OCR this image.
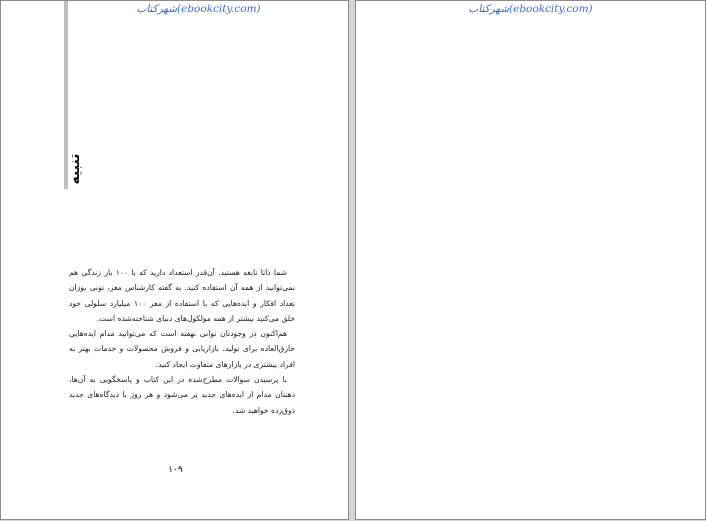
شهرکتاب(ebookcity.com)
تنبیه

شما ذاتا نابغه هستید. آن‌قدر استعداد دارید که با ۱۰۰ بار زندگی هم نمی‌توانید از همه آن استفاده کنید. به گفته کارشناس مغز، تونی بوزان تعداد افکار و ایده‌هایی که با استفاده از مغز ۱۰۰ میلیارد سلولی خود خلق می‌کنید بیشتر از همه مولکول‌های دنیای شناخته‌شده است.

هم‌اکنون در وجودتان توانی نهفته است که می‌توانید مدام ایده‌هایی خارق‌العاده برای تولید، بازاریابی و فروش محصولات و خدمات بهتر به افراد بیشتری در بازارهای متفاوت ایجاد کنید.

با پرسیدن سوالات مطرح‌شده در این کتاب و پاسخگویی به آن‌ها، ذهنتان مدام از ایده‌های جدید پر می‌شود و هر روز با دیدگاه‌های جدید ذوق‌زده خواهید شد.

۱۰۹
شهرکتاب(ebookcity.com)
